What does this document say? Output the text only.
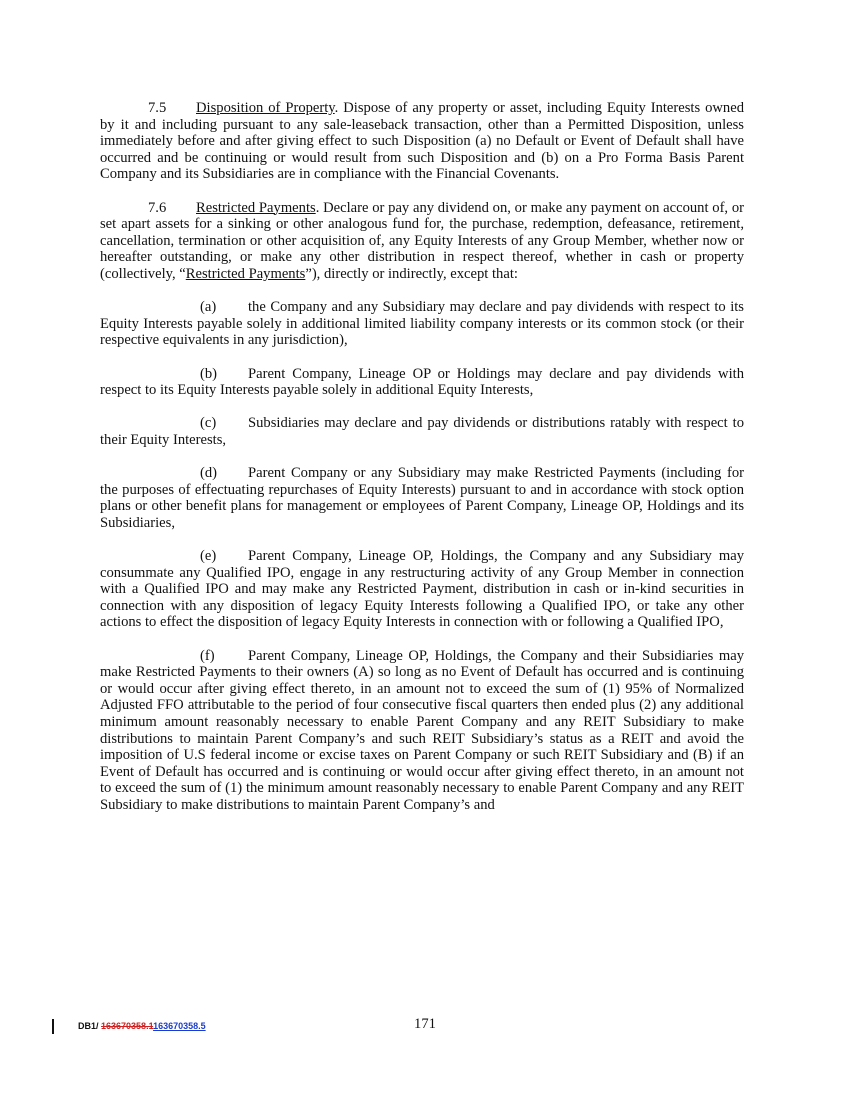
7.5 Disposition of Property. Dispose of any property or asset, including Equity Interests owned by it and including pursuant to any sale-leaseback transaction, other than a Permitted Disposition, unless immediately before and after giving effect to such Disposition (a) no Default or Event of Default shall have occurred and be continuing or would result from such Disposition and (b) on a Pro Forma Basis Parent Company and its Subsidiaries are in compliance with the Financial Covenants.

7.6 Restricted Payments. Declare or pay any dividend on, or make any payment on account of, or set apart assets for a sinking or other analogous fund for, the purchase, redemption, defeasance, retirement, cancellation, termination or other acquisition of, any Equity Interests of any Group Member, whether now or hereafter outstanding, or make any other distribution in respect thereof, whether in cash or property (collectively, “Restricted Payments”), directly or indirectly, except that:

(a) the Company and any Subsidiary may declare and pay dividends with respect to its Equity Interests payable solely in additional limited liability company interests or its common stock (or their respective equivalents in any jurisdiction),

(b) Parent Company, Lineage OP or Holdings may declare and pay dividends with respect to its Equity Interests payable solely in additional Equity Interests,

(c) Subsidiaries may declare and pay dividends or distributions ratably with respect to their Equity Interests,

(d) Parent Company or any Subsidiary may make Restricted Payments (including for the purposes of effectuating repurchases of Equity Interests) pursuant to and in accordance with stock option plans or other benefit plans for management or employees of Parent Company, Lineage OP, Holdings and its Subsidiaries,

(e) Parent Company, Lineage OP, Holdings, the Company and any Subsidiary may consummate any Qualified IPO, engage in any restructuring activity of any Group Member in connection with a Qualified IPO and may make any Restricted Payment, distribution in cash or in-kind securities in connection with any disposition of legacy Equity Interests following a Qualified IPO, or take any other actions to effect the disposition of legacy Equity Interests in connection with or following a Qualified IPO,

(f) Parent Company, Lineage OP, Holdings, the Company and their Subsidiaries may make Restricted Payments to their owners (A) so long as no Event of Default has occurred and is continuing or would occur after giving effect thereto, in an amount not to exceed the sum of (1) 95% of Normalized Adjusted FFO attributable to the period of four consecutive fiscal quarters then ended plus (2) any additional minimum amount reasonably necessary to enable Parent Company and any REIT Subsidiary to make distributions to maintain Parent Company’s and such REIT Subsidiary’s status as a REIT and avoid the imposition of U.S federal income or excise taxes on Parent Company or such REIT Subsidiary and (B) if an Event of Default has occurred and is continuing or would occur after giving effect thereto, in an amount not to exceed the sum of (1) the minimum amount reasonably necessary to enable Parent Company and any REIT Subsidiary to make distributions to maintain Parent Company’s and

DB1/ 163670358.1163670358.5	171
